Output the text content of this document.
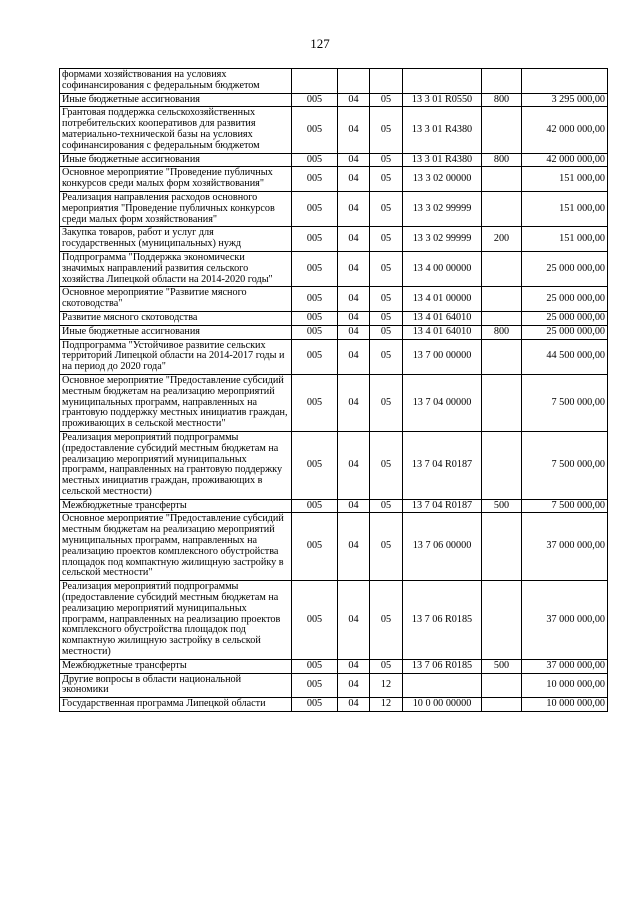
127
формами хозяйствования на условиях софинансирования с федеральным бюджетом						
Иные бюджетные ассигнования	005	04	05	13 3 01 R0550	800	3 295 000,00
Грантовая поддержка сельскохозяйственных потребительских кооперативов для развития материально-технической базы на условиях софинансирования с федеральным бюджетом	005	04	05	13 3 01 R4380		42 000 000,00
Иные бюджетные ассигнования	005	04	05	13 3 01 R4380	800	42 000 000,00
Основное мероприятие "Проведение публичных конкурсов среди малых форм хозяйствования"	005	04	05	13 3 02 00000		151 000,00
Реализация направления расходов основного мероприятия "Проведение публичных конкурсов среди малых форм хозяйствования"	005	04	05	13 3 02 99999		151 000,00
Закупка товаров, работ и услуг для государственных (муниципальных) нужд	005	04	05	13 3 02 99999	200	151 000,00
Подпрограмма "Поддержка экономически значимых направлений развития сельского хозяйства Липецкой области на 2014-2020 годы"	005	04	05	13 4 00 00000		25 000 000,00
Основное мероприятие "Развитие мясного скотоводства"	005	04	05	13 4 01 00000		25 000 000,00
Развитие мясного скотоводства	005	04	05	13 4 01 64010		25 000 000,00
Иные бюджетные ассигнования	005	04	05	13 4 01 64010	800	25 000 000,00
Подпрограмма "Устойчивое развитие сельских территорий Липецкой области на 2014-2017 годы и на период до 2020 года"	005	04	05	13 7 00 00000		44 500 000,00
Основное мероприятие "Предоставление субсидий местным бюджетам на реализацию мероприятий муниципальных программ, направленных на грантовую поддержку местных инициатив граждан, проживающих в сельской местности"	005	04	05	13 7 04 00000		7 500 000,00
Реализация мероприятий подпрограммы (предоставление субсидий местным бюджетам на реализацию мероприятий муниципальных программ, направленных на грантовую поддержку местных инициатив граждан, проживающих в сельской местности)	005	04	05	13 7 04 R0187		7 500 000,00
Межбюджетные трансферты	005	04	05	13 7 04 R0187	500	7 500 000,00
Основное мероприятие "Предоставление субсидий местным бюджетам на реализацию мероприятий муниципальных программ, направленных на реализацию проектов комплексного обустройства площадок под компактную жилищную застройку в сельской местности"	005	04	05	13 7 06 00000		37 000 000,00
Реализация мероприятий подпрограммы (предоставление субсидий местным бюджетам на реализацию мероприятий муниципальных программ, направленных на реализацию проектов комплексного обустройства площадок под компактную жилищную застройку в сельской местности)	005	04	05	13 7 06 R0185		37 000 000,00
Межбюджетные трансферты	005	04	05	13 7 06 R0185	500	37 000 000,00
Другие вопросы в области национальной экономики	005	04	12			10 000 000,00
Государственная программа Липецкой области	005	04	12	10 0 00 00000		10 000 000,00
